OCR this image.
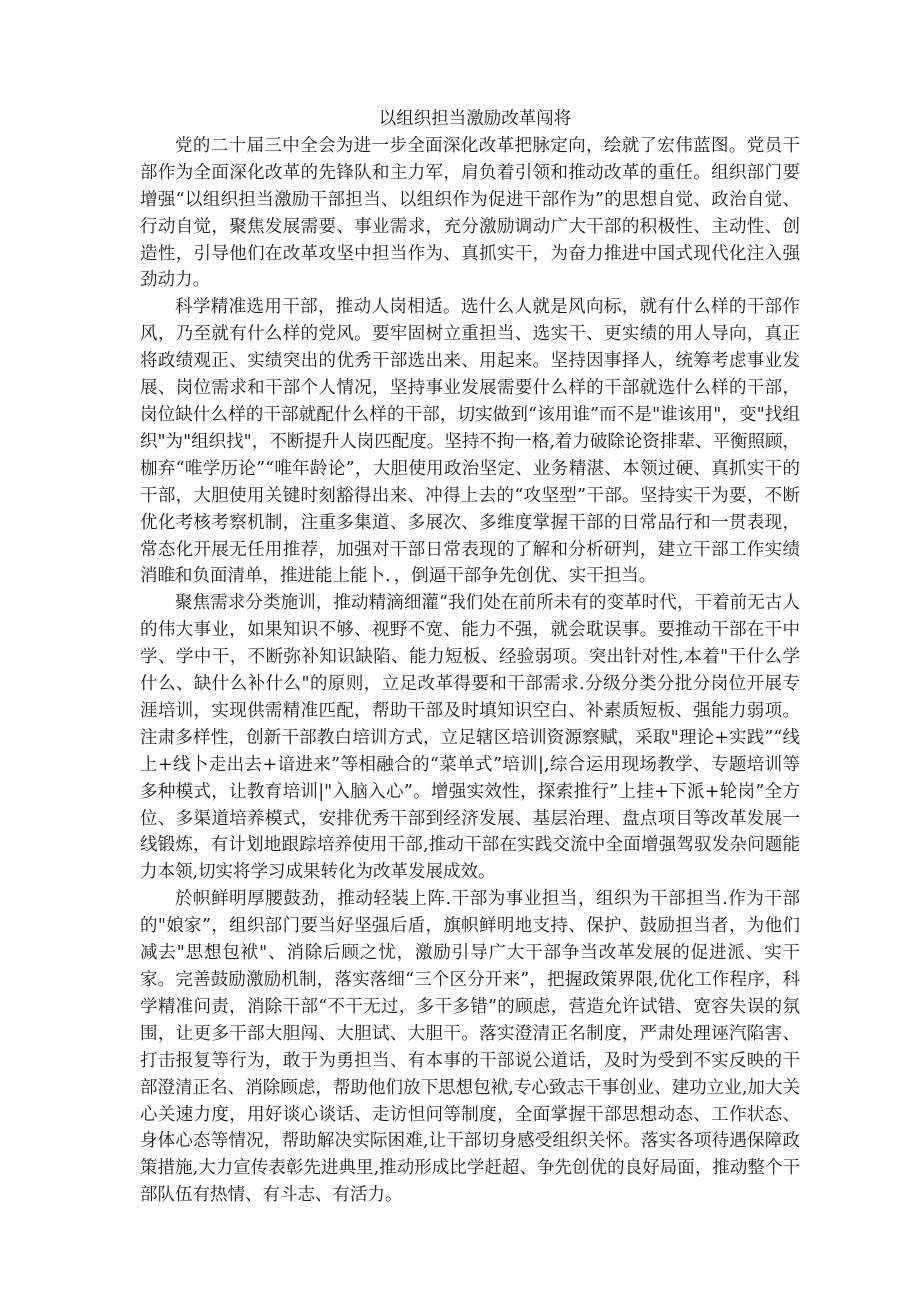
以组织担当激励改革闯将

党的二十届三中全会为进一步全面深化改革把脉定向，绘就了宏伟蓝图。党员干部作为全面深化改革的先锋队和主力军，肩负着引领和推动改革的重任。组织部门要增强“以组织担当激励干部担当、以组织作为促进干部作为”的思想自觉、政治自觉、行动自觉，聚焦发展需要、事业需求，充分激励调动广大干部的积极性、主动性、创造性，引导他们在改革攻坚中担当作为、真抓实干，为奋力推进中国式现代化注入强劲动力。

科学精准选用干部，推动人岗相适。选什么人就是风向标，就有什么样的干部作风，乃至就有什么样的党风。要牢固树立重担当、选实干、更实绩的用人导向，真正将政绩观正、实绩突出的优秀干部选出来、用起来。坚持因事择人，统筹考虑事业发展、岗位需求和干部个人情况，坚持事业发展需要什么样的干部就选什么样的干部，岗位缺什么样的干部就配什么样的干部，切实做到“该用谁”而不是"谁该用"，变"找组织"为"组织找"，不断提升人岗匹配度。坚持不拘一格,着力破除论资排辈、平衡照顾，枷弃“唯学历论”“唯年龄论”，大胆使用政治坚定、业务精湛、本领过硬、真抓实干的干部，大胆使用关键时刻豁得出来、冲得上去的“攻坚型”干部。坚持实干为要，不断优化考核考察机制，注重多集道、多展次、多维度掌握干部的日常品行和一贯表现，常态化开展无任用推荐，加强对干部日常表现的了解和分析研判，建立干部工作实绩消睢和负面清单，推进能上能卜．，倒逼干部争先创优、实干担当。

聚焦需求分类施训，推动精滴细灌“我们处在前所未有的变革时代，干着前无古人的伟大事业，如果知识不够、视野不宽、能力不强，就会耽误事。要推动干部在干中学、学中干，不断弥补知识缺陷、能力短板、经验弱项。突出针对性,本着"干什么学什么、缺什么补什么"的原则，立足改革得要和干部需求.分级分类分批分岗位开展专涯培训，实现供需精准匹配，帮助干部及时填知识空白、补素质短板、强能力弱项。注肃多样性，创新干部教白培训方式，立足辖区培训资源察赋，采取"理论+实践”“线上+线卜走出去+谙进来”等相融合的“菜单式”培训|,综合运用现场教学、专题培训等多种模式，让教育培训|"入脑入心”。增强实效性，探索推行”上挂+下派+轮岗”全方位、多渠道培养模式，安排优秀干部到经济发展、基层治理、盘点项目等改革发展一线锻炼，有计划地跟踪培养使用干部,推动干部在实践交流中全面增强驾驭发杂问题能力本领,切实将学习成果转化为改革发展成效。

於帜鲜明厚腰鼓劲，推动轻装上阵.干部为事业担当，组织为干部担当.作为干部的"娘家”，组织部门要当好坚强后盾，旗帜鲜明地支持、保护、鼓励担当者，为他们减去"思想包袱"、消除后顾之忧，激励引导广大干部争当改革发展的促进派、实干家。完善鼓励激励机制，落实落细“三个区分开来”，把握政策界限,优化工作程序，科学精准问责，消除干部“不干无过，多干多错”的顾虑，营造允许试错、宽容失误的氛围，让更多干部大胆闯、大胆试、大胆干。落实澄清正名制度，严肃处理诬汽陷害、打击报复等行为，敢于为勇担当、有本事的干部说公道话，及时为受到不实反映的干部澄清正名、消除顾虑，帮助他们放下思想包袱,专心致志干事创业、建功立业,加大关心关速力度，用好谈心谈话、走访怛问等制度，全面掌握干部思想动态、工作状态、身体心态等情况，帮助解决实际困难,让干部切身感受组织关怀。落实各项待遇保障政策措施,大力宣传表彰先进典里,推动形成比学赶超、争先创优的良好局面，推动整个干部队伍有热情、有斗志、有活力。
